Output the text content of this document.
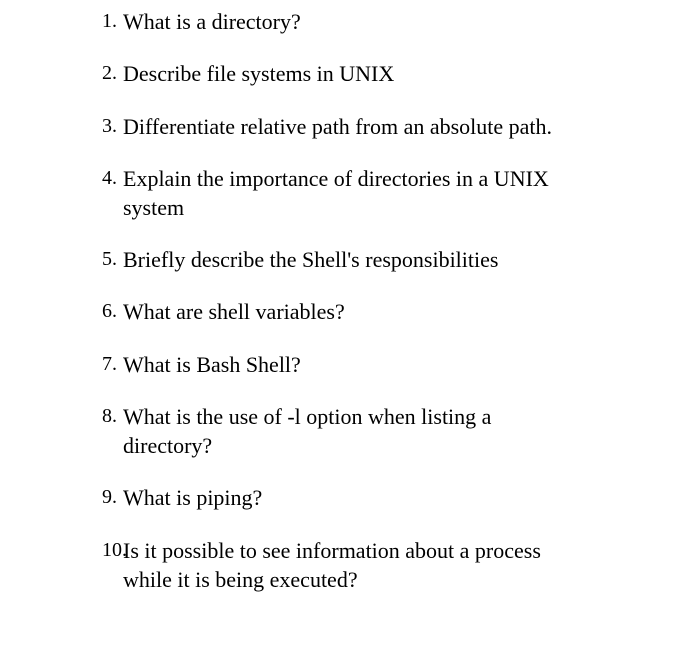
1. What is a directory?
2. Describe file systems in UNIX
3. Differentiate relative path from an absolute path.
4. Explain the importance of directories in a UNIX
system
5. Briefly describe the Shell's responsibilities
6. What are shell variables?
7. What is Bash Shell?
8. What is the use of -l option when listing a
directory?
9. What is piping?
10.
Is it possible to see information about a process
while it is being executed?
